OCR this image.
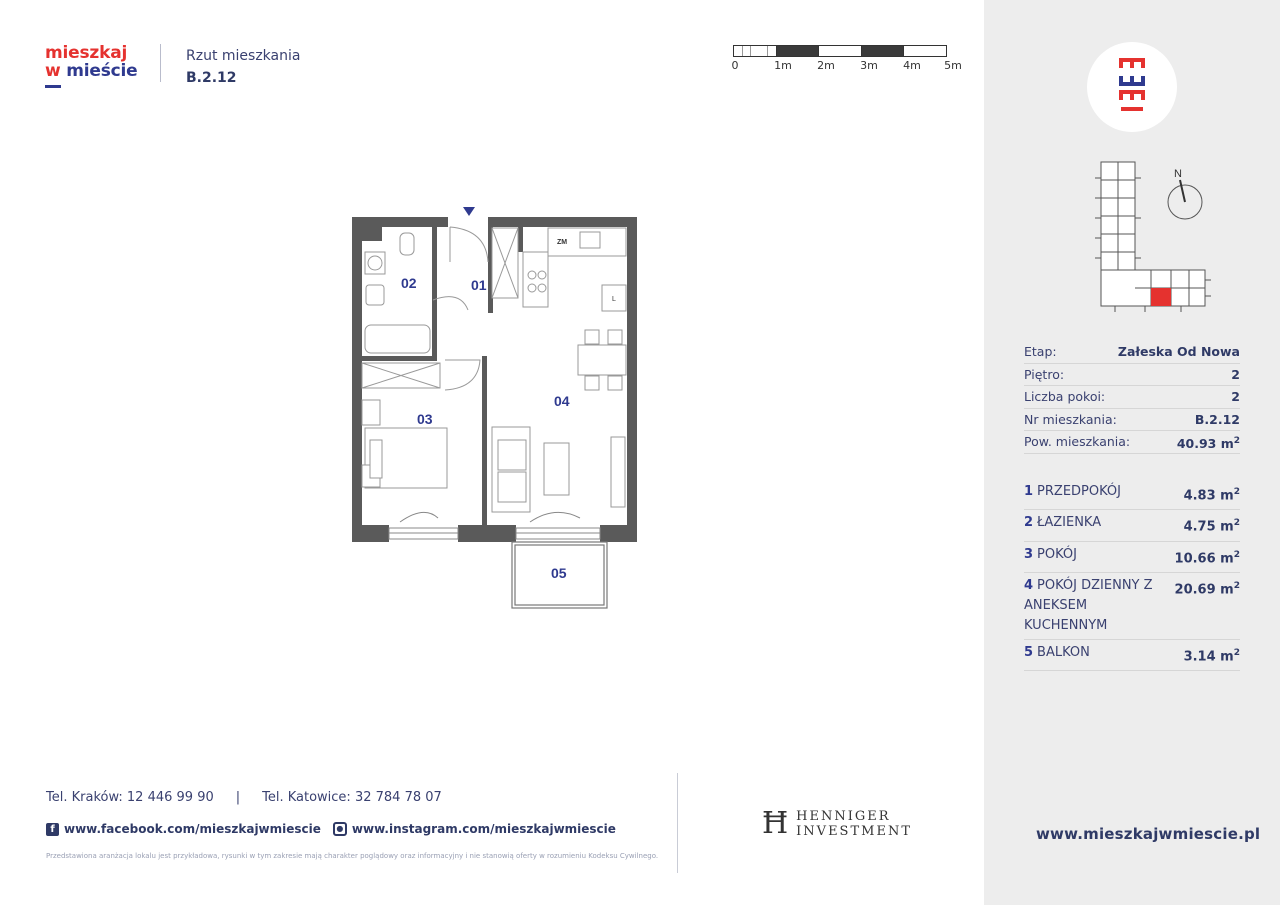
mieszkaj
w mieście
Rzut mieszkania
B.2.12
0	1m 2m 3m 4m 5m
02	01
03
04
05
ZM
L
Tel. Kraków: 12 446 99 90 | Tel. Katowice: 32 784 78 07
f www.facebook.com/mieszkajwmiescie	● www.instagram.com/mieszkajwmiescie
Przedstawiona aranżacja lokalu jest przykładowa, rysunki w tym zakresie mają charakter poglądowy oraz informacyjny i nie stanowią oferty w rozumieniu Kodeksu Cywilnego.
Ħ HENNIGER
INVESTMENT
N
Etap:	Załeska Od Nowa
Piętro:	2
Liczba pokoi:	2
Nr mieszkania:	B.2.12
Pow. mieszkania:	40.93 $m^2$
1 PRZEDPOKÓJ	4.83 $m^2$
2 ŁAZIENKA	4.75 $m^2$
3 POKÓJ	10.66 $m^2$
4 POKÓJ DZIENNY Z ANEKSEM KUCHENNYM
20.69 $m^2$
5 BALKON	3.14 $m^2$
www.mieszkajwmiescie.pl
